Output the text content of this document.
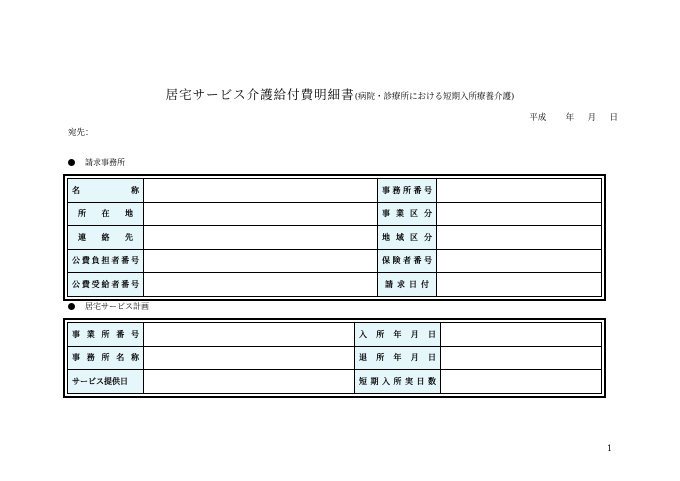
居宅サービス介護給付費明細書(病院・診療所における短期入所療養介護)
平成 年 月 日
宛先：
請求事務所
名　　　　称		事務所番号	

所　在　地		事業区分	

連　絡　先		地域区分	

公費負担者番号		保険者番号	

公費受給者番号		請求日付	

居宅サービス計画
事業所番号		入所年月日	

事務所名称		退所年月日	

サービス提供日		短期入所実日数	

1
